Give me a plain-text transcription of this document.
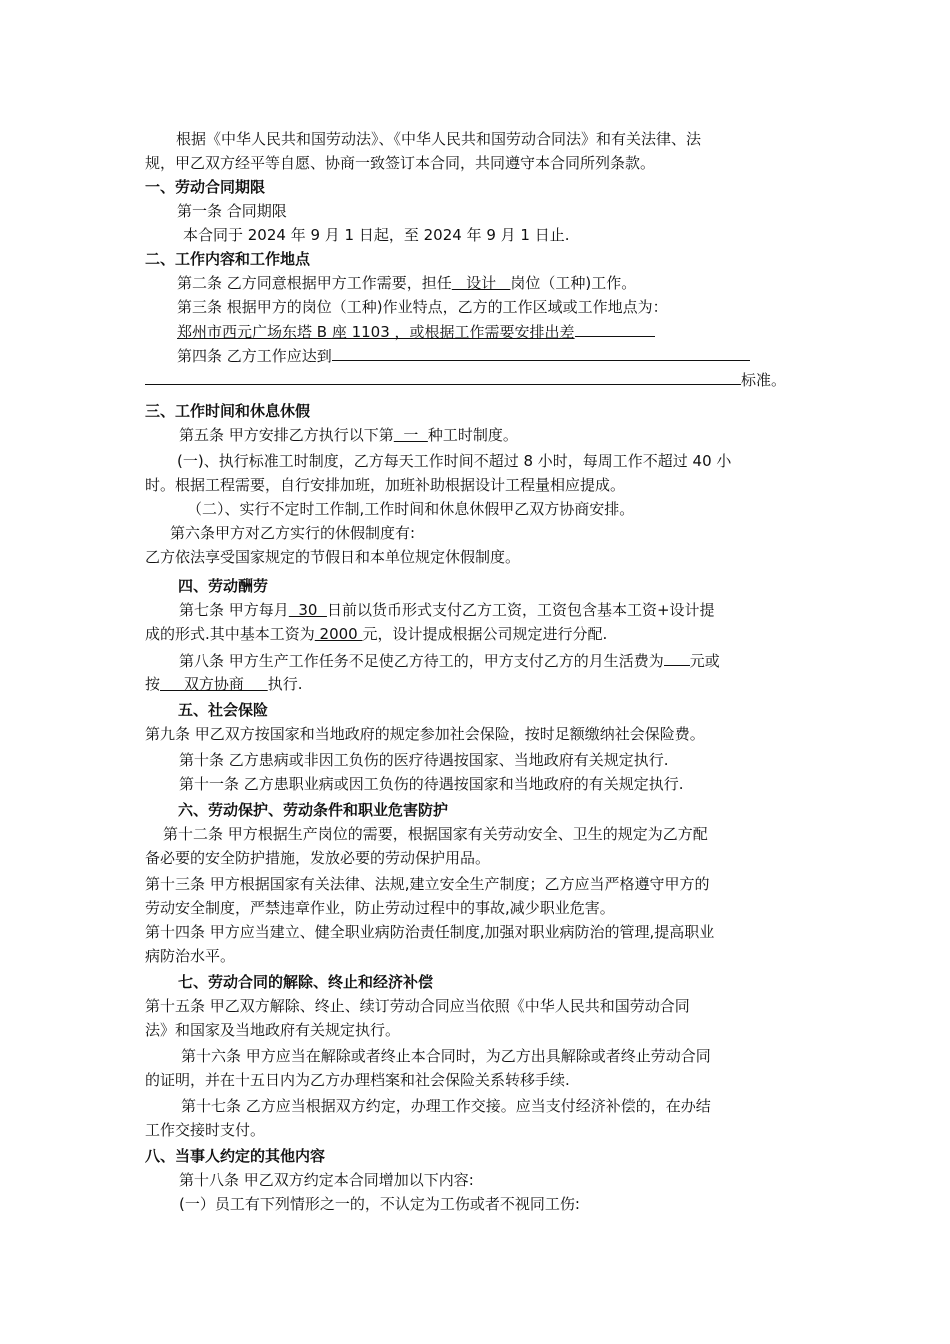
根据《中华人民共和国劳动法》、《中华人民共和国劳动合同法》和有关法律、法
规，甲乙双方经平等自愿、协商一致签订本合同，共同遵守本合同所列条款。
一、劳动合同期限
第一条 合同期限
本合同于 2024 年 9 月 1 日起，至 2024 年 9 月 1 日止.
二、工作内容和工作地点
第二条 乙方同意根据甲方工作需要，担任   设计   岗位（工种)工作。
第三条 根据甲方的岗位（工种)作业特点，乙方的工作区域或工作地点为：
郑州市西元广场东塔 B 座 1103 ，或根据工作需要安排出差
第四条 乙方工作应达到
标准。
三、工作时间和休息休假
第五条 甲方安排乙方执行以下第  一  种工时制度。
(一)、执行标准工时制度，乙方每天工作时间不超过 8 小时，每周工作不超过 40 小
时。根据工程需要，自行安排加班，加班补助根据设计工程量相应提成。
（二）、实行不定时工作制,工作时间和休息休假甲乙双方协商安排。
第六条甲方对乙方实行的休假制度有:
乙方依法享受国家规定的节假日和本单位规定休假制度。
四、劳动酬劳
第七条 甲方每月  30  日前以货币形式支付乙方工资，工资包含基本工资+设计提
成的形式.其中基本工资为 2000 元，设计提成根据公司规定进行分配.
第八条 甲方生产工作任务不足使乙方待工的，甲方支付乙方的月生活费为 元或
按     双方协商     执行.
五、社会保险
第九条 甲乙双方按国家和当地政府的规定参加社会保险，按时足额缴纳社会保险费。
第十条 乙方患病或非因工负伤的医疗待遇按国家、当地政府有关规定执行.
第十一条 乙方患职业病或因工负伤的待遇按国家和当地政府的有关规定执行.
六、劳动保护、劳动条件和职业危害防护
第十二条 甲方根据生产岗位的需要，根据国家有关劳动安全、卫生的规定为乙方配
备必要的安全防护措施，发放必要的劳动保护用品。
第十三条 甲方根据国家有关法律、法规,建立安全生产制度；乙方应当严格遵守甲方的
劳动安全制度，严禁违章作业，防止劳动过程中的事故,减少职业危害。
第十四条 甲方应当建立、健全职业病防治责任制度,加强对职业病防治的管理,提高职业
病防治水平。
七、劳动合同的解除、终止和经济补偿
第十五条 甲乙双方解除、终止、续订劳动合同应当依照《中华人民共和国劳动合同
法》和国家及当地政府有关规定执行。
第十六条 甲方应当在解除或者终止本合同时，为乙方出具解除或者终止劳动合同
的证明，并在十五日内为乙方办理档案和社会保险关系转移手续.
第十七条 乙方应当根据双方约定，办理工作交接。应当支付经济补偿的，在办结
工作交接时支付。
八、当事人约定的其他内容
第十八条 甲乙双方约定本合同增加以下内容:
(一）员工有下列情形之一的，不认定为工伤或者不视同工伤:
